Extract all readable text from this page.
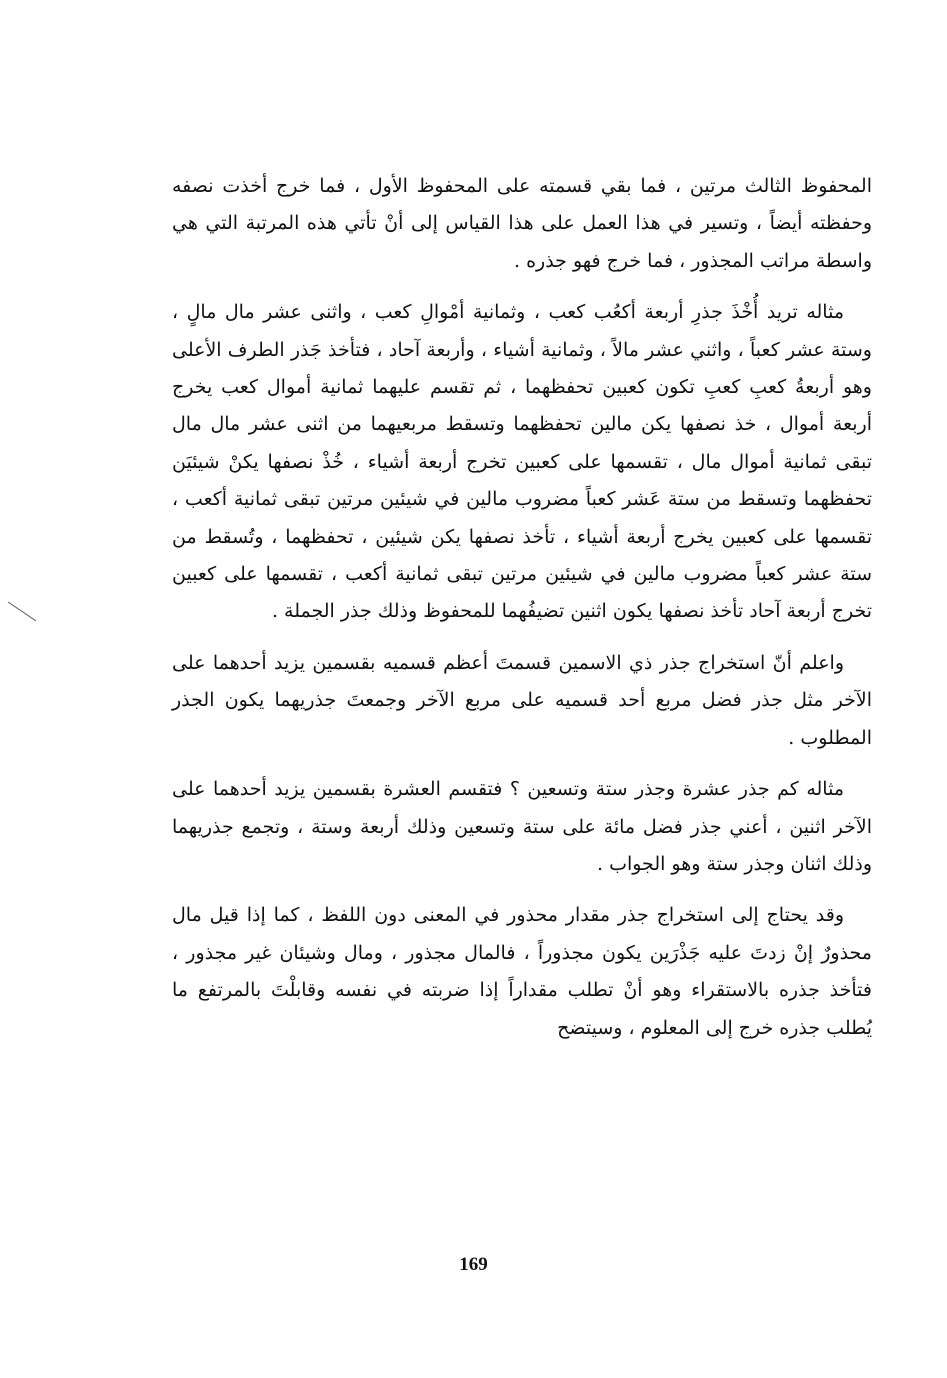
المحفوظ الثالث مرتين ، فما بقي قسمته على المحفوظ الأول ، فما خرج أخذت نصفه وحفظته أيضاً ، وتسير في هذا العمل على هذا القياس إلى أنْ تأتي هذه المرتبة التي هي واسطة مراتب المجذور ، فما خرج فهو جذره .

مثاله تريد أُخْذَ جذرِ أربعة أكعُب كعب ، وثمانية أمْوالِ كعب ، واثنى عشر مال مالٍ ، وستة عشر كعباً ، واثني عشر مالاً ، وثمانية أشياء ، وأربعة آحاد ، فتأخذ جَذر الطرف الأعلى وهو أربعةُ كعبِ كعبِ تكون كعبين تحفظهما ، ثم تقسم عليهما ثمانية أموال كعب يخرج أربعة أموال ، خذ نصفها يكن مالين تحفظهما وتسقط مربعيهما من اثنى عشر مال مال تبقى ثمانية أموال مال ، تقسمها على كعبين تخرج أربعة أشياء ، خُذْ نصفها يكنْ شيئيَن تحفظهما وتسقط من ستة عَشر كعباً مضروب مالين في شيئين مرتين تبقى ثمانية أكعب ، تقسمها على كعبين يخرج أربعة أشياء ، تأخذ نصفها يكن شيئين ، تحفظهما ، وتُسقط من ستة عشر كعباً مضروب مالين في شيئين مرتين تبقى ثمانية أكعب ، تقسمها على كعبين تخرج أربعة آحاد تأخذ نصفها يكون اثنين تضيفُهما للمحفوظ وذلك جذر الجملة .

واعلم أنّ استخراج جذر ذي الاسمين قسمتَ أعظم قسميه بقسمين يزيد أحدهما على الآخر مثل جذر فضل مربع أحد قسميه على مربع الآخر وجمعتَ جذريهما يكون الجذر المطلوب .

مثاله كم جذر عشرة وجذر ستة وتسعين ؟ فتقسم العشرة بقسمين يزيد أحدهما على الآخر اثنين ، أعني جذر فضل مائة على ستة وتسعين وذلك أربعة وستة ، وتجمع جذريهما وذلك اثنان وجذر ستة وهو الجواب .

وقد يحتاج إلى استخراج جذر مقدار محذور في المعنى دون اللفظ ، كما إذا قيل مال محذورٌ إنْ زدتَ عليه جَذْرَين يكون مجذوراً ، فالمال مجذور ، ومال وشيئان غير مجذور ، فتأخذ جذره بالاستقراء وهو أنْ تطلب مقداراً إذا ضربته في نفسه وقابلْتَ بالمرتفع ما يُطلب جذره خرج إلى المعلوم ، وسيتضح

169
